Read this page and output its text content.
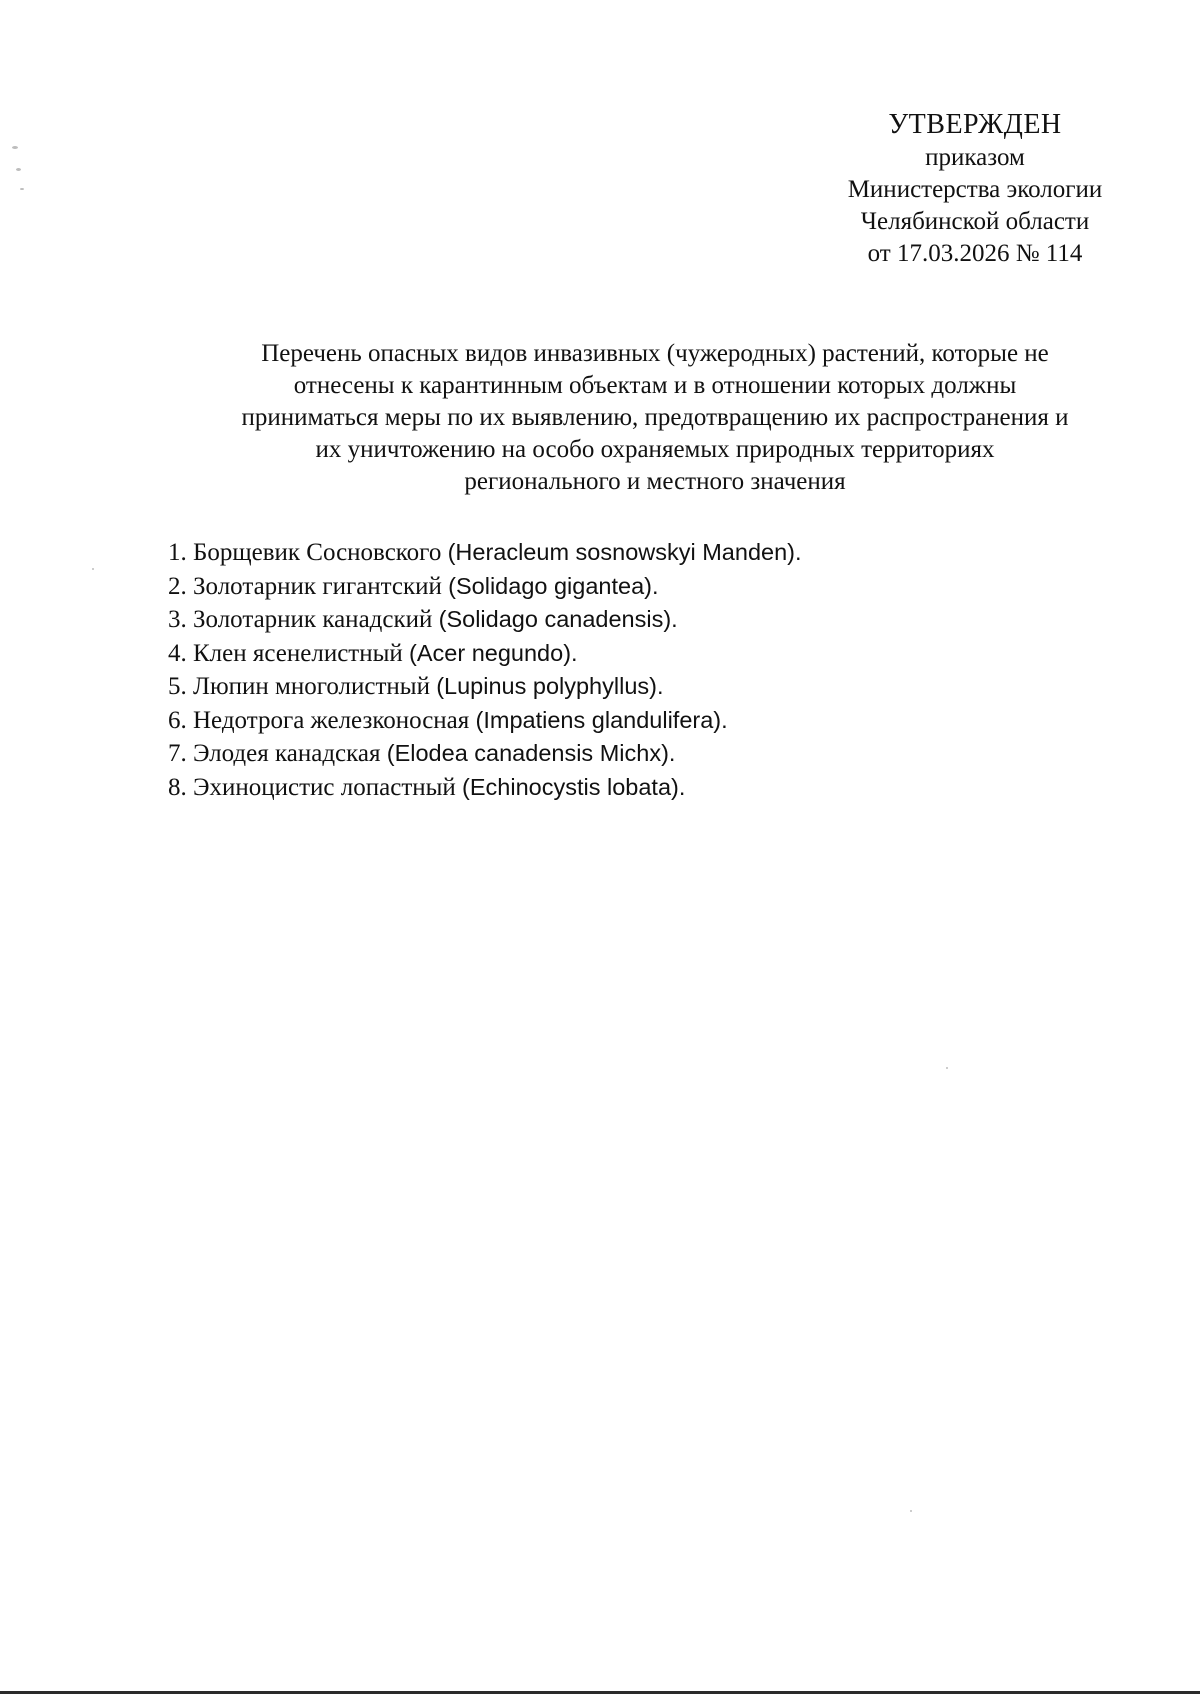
УТВЕРЖДЕН
приказом
Министерства экологии
Челябинской области
от 17.03.2026 № 114
Перечень опасных видов инвазивных (чужеродных) растений, которые не
отнесены к карантинным объектам и в отношении которых должны
приниматься меры по их выявлению, предотвращению их распространения и
их уничтожению на особо охраняемых природных территориях
регионального и местного значения
1. Борщевик Сосновского (Heracleum sosnowskyi Manden).
2. Золотарник гигантский (Solidago gigantea).
3. Золотарник канадский (Solidago canadensis).
4. Клен ясенелистный (Acer negundo).
5. Люпин многолистный (Lupinus polyphyllus).
6. Недотрога железконосная (Impatiens glandulifera).
7. Элодея канадская (Elodea canadensis Michx).
8. Эхиноцистис лопастный (Echinocystis lobata).
